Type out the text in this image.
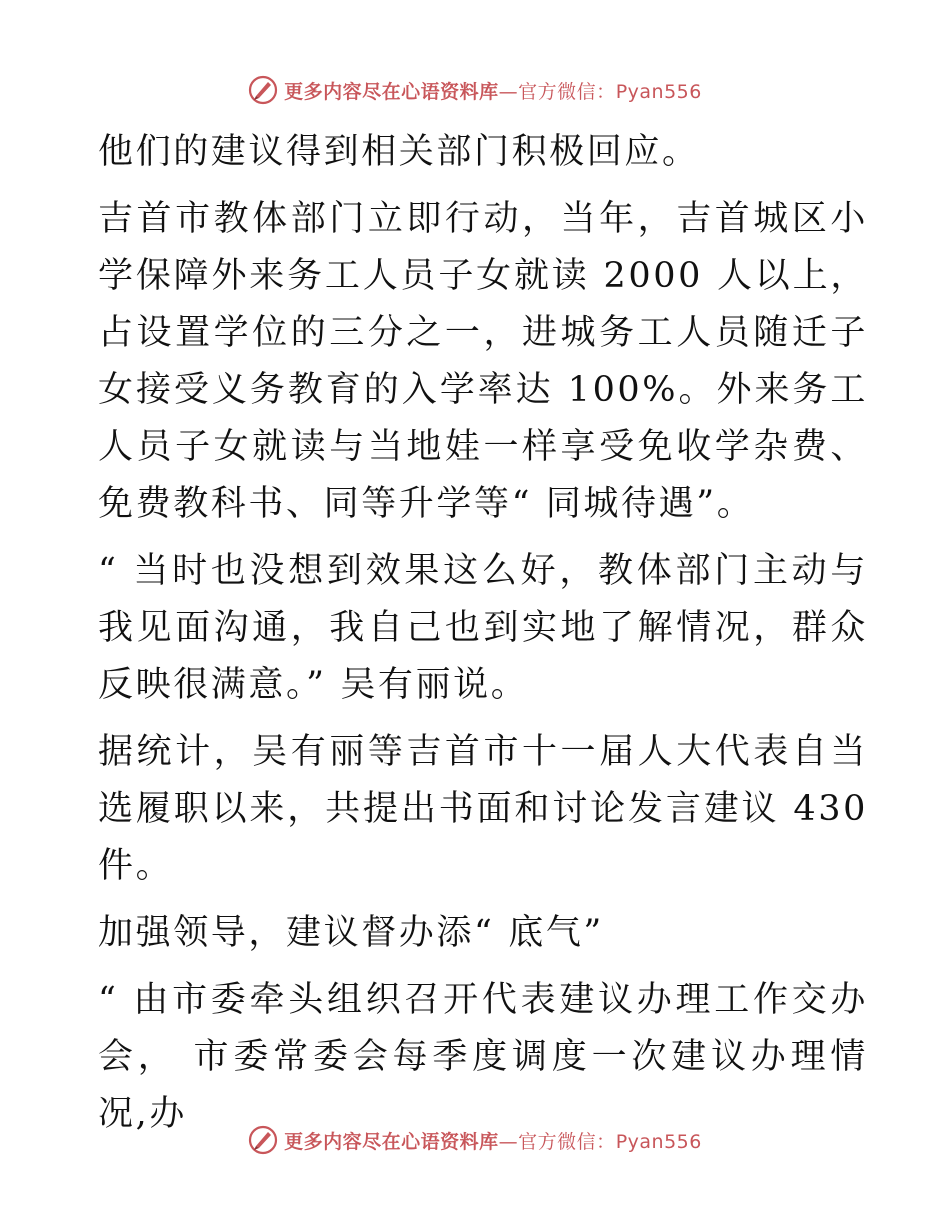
更多内容尽在心语资料库—官方微信：Pyan556

他们的建议得到相关部门积极回应。

吉首市教体部门立即行动，当年，吉首城区小学保障外来务工人员子女就读 2000 人以上，占设置学位的三分之一，进城务工人员随迁子女接受义务教育的入学率达 100%。外来务工人员子女就读与当地娃一样享受免收学杂费、免费教科书、同等升学等“ 同城待遇”。

“ 当时也没想到效果这么好，教体部门主动与我见面沟通，我自己也到实地了解情况，群众反映很满意。” 吴有丽说。

据统计，吴有丽等吉首市十一届人大代表自当选履职以来，共提出书面和讨论发言建议 430件。

加强领导，建议督办添“ 底气”

“ 由市委牵头组织召开代表建议办理工作交办会， 市委常委会每季度调度一次建议办理情况,办

更多内容尽在心语资料库—官方微信：Pyan556
